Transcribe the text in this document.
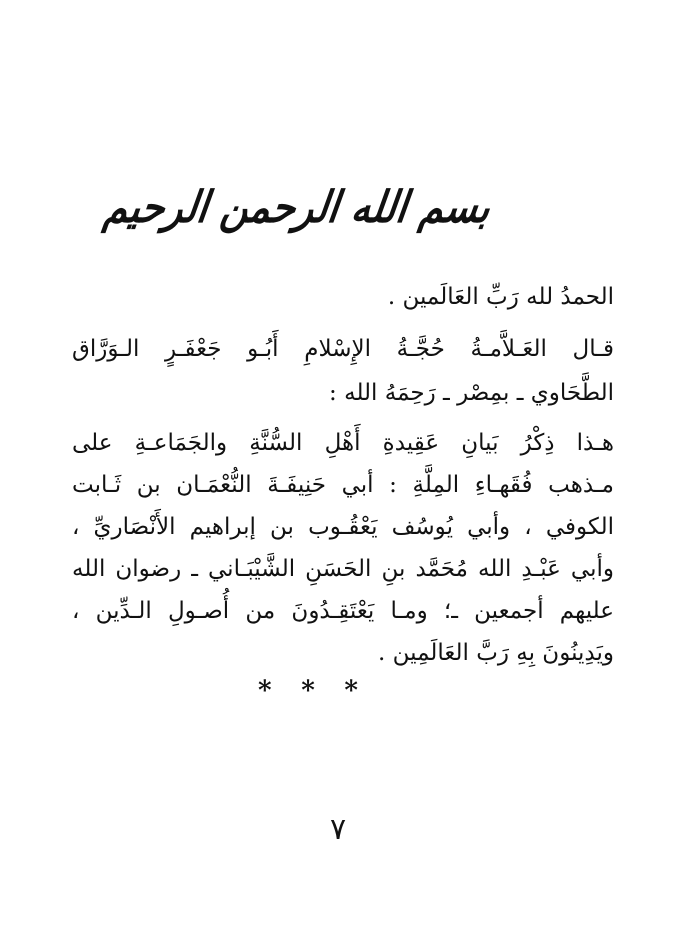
بسم الله الرحمن الرحيم
الحمدُ لله رَبِّ العَالَمين .
قـال العَـلاَّمـةُ حُجَّـةُ الإِسْلامِ أَبُـو جَعْفَـرٍ الـوَرَّاق
الطَّحَاوي ـ بمِصْر ـ رَحِمَهُ الله :
هـذا ذِكْرُ بَيانِ عَقِيدةِ أَهْلِ السُّنَّةِ والجَمَاعـةِ على
مـذهب فُقَهـاءِ المِلَّةِ : أبي حَنِيفَـةَ النُّعْمَـان بن ثَـابت
الكوفي ، وأبي يُوسُف يَعْقُـوب بن إبراهيم الأَنْصَاريِّ ،
وأبي عَبْـدِ الله مُحَمَّد بنِ الحَسَنِ الشَّيْبَـاني ـ رضوان الله
عليهم أجمعين ـ؛ ومـا يَعْتَقِـدُونَ من أُصـولِ الـدِّين ،
ويَدِينُونَ بِهِ رَبَّ العَالَمِين .
* * *
٧
